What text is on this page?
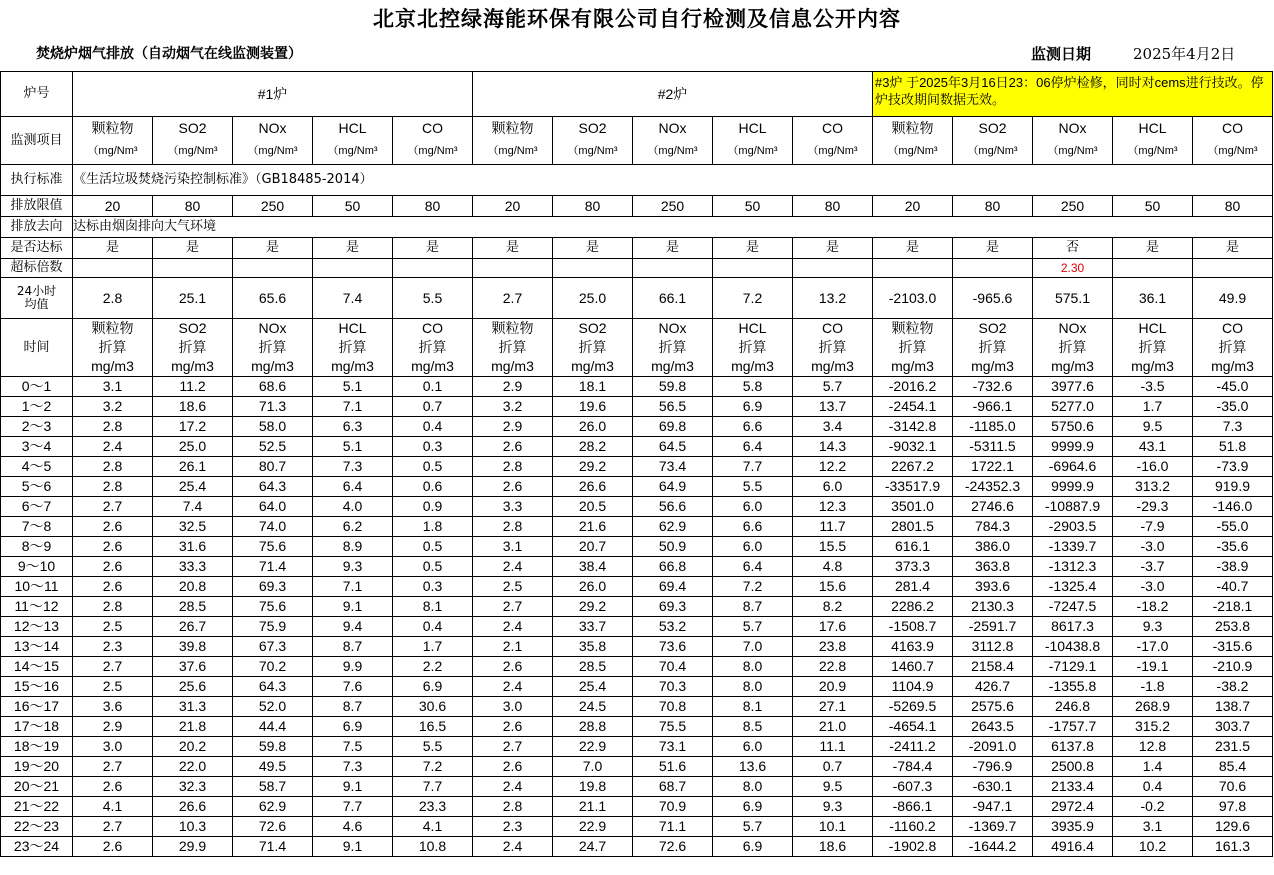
北京北控绿海能环保有限公司自行检测及信息公开内容
焚烧炉烟气排放（自动烟气在线监测装置）	监测日期	2025年4月2日
炉号	#1炉					#2炉					#3炉 于2025年3月16日23：06停炉检修，同时对cems进行技改。停炉技改期间数据无效。				
监测项目	颗粒物	SO2	NOx	HCL	CO	颗粒物	SO2	NOx	HCL	CO	颗粒物	SO2	NOx	HCL	CO
	（mg/Nm³	（mg/Nm³	（mg/Nm³	（mg/Nm³	（mg/Nm³	（mg/Nm³	（mg/Nm³	（mg/Nm³	（mg/Nm³	（mg/Nm³	（mg/Nm³	（mg/Nm³	（mg/Nm³	（mg/Nm³	（mg/Nm³
执行标准	《生活垃圾焚烧污染控制标准》（GB18485-2014）														
排放限值	20	80	250	50	80	20	80	250	50	80	20	80	250	50	80
排放去向	达标由烟囱排向大气环境														
是否达标	是	是	是	是	是	是	是	是	是	是	是	是	否	是	是
超标倍数													2.30		
24小时
均值	2.8	25.1	65.6	7.4	5.5	2.7	25.0	66.1	7.2	13.2	-2103.0	-965.6	575.1	36.1	49.9
时间	颗粒物	SO2	NOx	HCL	CO	颗粒物	SO2	NOx	HCL	CO	颗粒物	SO2	NOx	HCL	CO
	折算	折算	折算	折算	折算	折算	折算	折算	折算	折算	折算	折算	折算	折算	折算
	mg/m3	mg/m3	mg/m3	mg/m3	mg/m3	mg/m3	mg/m3	mg/m3	mg/m3	mg/m3	mg/m3	mg/m3	mg/m3	mg/m3	mg/m3
0～1	3.1	11.2	68.6	5.1	0.1	2.9	18.1	59.8	5.8	5.7	-2016.2	-732.6	3977.6	-3.5	-45.0
1～2	3.2	18.6	71.3	7.1	0.7	3.2	19.6	56.5	6.9	13.7	-2454.1	-966.1	5277.0	1.7	-35.0
2～3	2.8	17.2	58.0	6.3	0.4	2.9	26.0	69.8	6.6	3.4	-3142.8	-1185.0	5750.6	9.5	7.3
3～4	2.4	25.0	52.5	5.1	0.3	2.6	28.2	64.5	6.4	14.3	-9032.1	-5311.5	9999.9	43.1	51.8
4～5	2.8	26.1	80.7	7.3	0.5	2.8	29.2	73.4	7.7	12.2	2267.2	1722.1	-6964.6	-16.0	-73.9
5～6	2.8	25.4	64.3	6.4	0.6	2.6	26.6	64.9	5.5	6.0	-33517.9	-24352.3	9999.9	313.2	919.9
6～7	2.7	7.4	64.0	4.0	0.9	3.3	20.5	56.6	6.0	12.3	3501.0	2746.6	-10887.9	-29.3	-146.0
7～8	2.6	32.5	74.0	6.2	1.8	2.8	21.6	62.9	6.6	11.7	2801.5	784.3	-2903.5	-7.9	-55.0
8～9	2.6	31.6	75.6	8.9	0.5	3.1	20.7	50.9	6.0	15.5	616.1	386.0	-1339.7	-3.0	-35.6
9～10	2.6	33.3	71.4	9.3	0.5	2.4	38.4	66.8	6.4	4.8	373.3	363.8	-1312.3	-3.7	-38.9
10～11	2.6	20.8	69.3	7.1	0.3	2.5	26.0	69.4	7.2	15.6	281.4	393.6	-1325.4	-3.0	-40.7
11～12	2.8	28.5	75.6	9.1	8.1	2.7	29.2	69.3	8.7	8.2	2286.2	2130.3	-7247.5	-18.2	-218.1
12～13	2.5	26.7	75.9	9.4	0.4	2.4	33.7	53.2	5.7	17.6	-1508.7	-2591.7	8617.3	9.3	253.8
13～14	2.3	39.8	67.3	8.7	1.7	2.1	35.8	73.6	7.0	23.8	4163.9	3112.8	-10438.8	-17.0	-315.6
14～15	2.7	37.6	70.2	9.9	2.2	2.6	28.5	70.4	8.0	22.8	1460.7	2158.4	-7129.1	-19.1	-210.9
15～16	2.5	25.6	64.3	7.6	6.9	2.4	25.4	70.3	8.0	20.9	1104.9	426.7	-1355.8	-1.8	-38.2
16～17	3.6	31.3	52.0	8.7	30.6	3.0	24.5	70.8	8.1	27.1	-5269.5	2575.6	246.8	268.9	138.7
17～18	2.9	21.8	44.4	6.9	16.5	2.6	28.8	75.5	8.5	21.0	-4654.1	2643.5	-1757.7	315.2	303.7
18～19	3.0	20.2	59.8	7.5	5.5	2.7	22.9	73.1	6.0	11.1	-2411.2	-2091.0	6137.8	12.8	231.5
19～20	2.7	22.0	49.5	7.3	7.2	2.6	7.0	51.6	13.6	0.7	-784.4	-796.9	2500.8	1.4	85.4
20～21	2.6	32.3	58.7	9.1	7.7	2.4	19.8	68.7	8.0	9.5	-607.3	-630.1	2133.4	0.4	70.6
21～22	4.1	26.6	62.9	7.7	23.3	2.8	21.1	70.9	6.9	9.3	-866.1	-947.1	2972.4	-0.2	97.8
22～23	2.7	10.3	72.6	4.6	4.1	2.3	22.9	71.1	5.7	10.1	-1160.2	-1369.7	3935.9	3.1	129.6
23～24	2.6	29.9	71.4	9.1	10.8	2.4	24.7	72.6	6.9	18.6	-1902.8	-1644.2	4916.4	10.2	161.3
